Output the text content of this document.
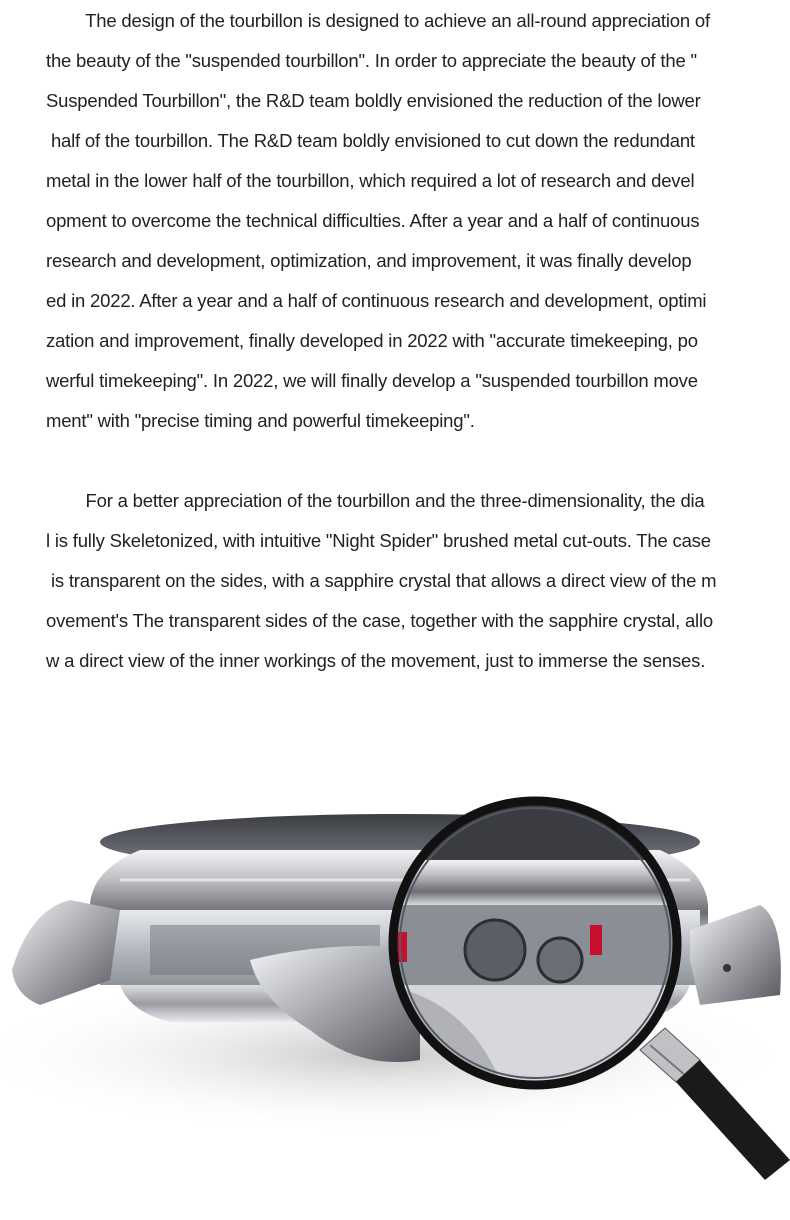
The design of the tourbillon is designed to achieve an all-round appreciation of
the beauty of the "suspended tourbillon". In order to appreciate the beauty of the "
Suspended Tourbillon", the R&D team boldly envisioned the reduction of the lower
half of the tourbillon. The R&D team boldly envisioned to cut down the redundant
metal in the lower half of the tourbillon, which required a lot of research and devel
opment to overcome the technical difficulties. After a year and a half of continuous
research and development, optimization, and improvement, it was finally develop
ed in 2022. After a year and a half of continuous research and development, optimi
zation and improvement, finally developed in 2022 with "accurate timekeeping, po
werful timekeeping". In 2022, we will finally develop a "suspended tourbillon move
ment" with "precise timing and powerful timekeeping".
For a better appreciation of the tourbillon and the three-dimensionality, the dia
l is fully Skeletonized, with intuitive "Night Spider" brushed metal cut-outs. The case
is transparent on the sides, with a sapphire crystal that allows a direct view of the m
ovement's The transparent sides of the case, together with the sapphire crystal, allo
w a direct view of the inner workings of the movement, just to immerse the senses.
